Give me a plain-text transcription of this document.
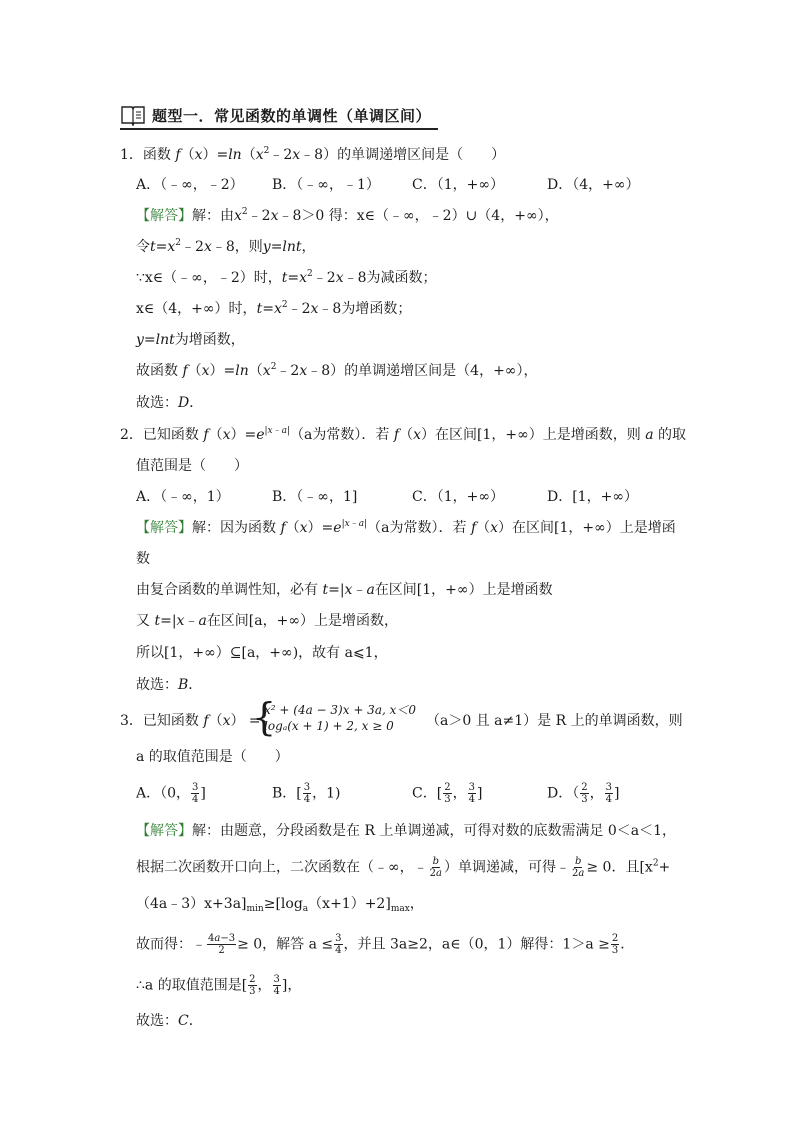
题型一．常见函数的单调性（单调区间）
1．函数 $f(x)=\ln(x^2﹣2x﹣8)$的单调递增区间是（　　）
A．（﹣∞，﹣2） B．（﹣∞，﹣1） C．（1，+∞）	D．（4，+∞）
【解答】解：由$x^2﹣2x﹣8>0$ 得：x∈（﹣∞，﹣2）∪（4，+∞），
令$t=x^2﹣2x﹣8$，则y=lnt，
∵x∈（﹣∞，﹣2）时，$t=x^2﹣2x﹣8$为减函数；
x∈（4，+∞）时，$t=x^2﹣2x﹣8$为增函数；
y=lnt为增函数，
故函数 $f(x)=\ln(x^2﹣2x﹣8)$的单调递增区间是（4，+∞），
故选：D．
2．已知函数 $f(x)=e^{|x﹣a|}(a$为常数）．若 f（x）在区间[1，+∞）上是增函数，则 a 的取
值范围是（　　）
A．（﹣∞，1）	B．（﹣∞，1]	C．（1，+∞）	D．[1，+∞）
【解答】解：因为函数 $f(x)=e^{|x﹣a|}(a$为常数）．若 f（x）在区间[1，+∞）上是增函
数
由复合函数的单调性知，必有 t=|x﹣a在区间[1，+∞）上是增函数
又 t=|x﹣a在区间[a，+∞）上是增函数，
所以[1，+∞）⊆[a，+∞)，故有 a⩽1，
故选：B．
3．已知函数 f（x） =
{
x² + (4a − 3)x + 3a, x＜0
logₐ(x + 1) + 2, x ≥ 0 （a＞0 且 a≠1）是 R 上的单调函数，则
a 的取值范围是（　　）
A．（0， $\frac{3}{4}$ ]	B．[ $\frac{3}{4}$ ，1)	C．[ $\frac{2}{3}$ ， $\frac{3}{4}$ ]	D．（ $\frac{2}{3}$ ， $\frac{3}{4}$ ]
【解答】解：由题意，分段函数是在 R 上单调递减，可得对数的底数需满足 0＜a＜1，
根据二次函数开口向上，二次函数在（﹣∞，﹣ $\frac{b}{2a}$ ）单调递减，可得﹣ $\frac{b}{2a} \ge 0$．且[$x^2+$
$(4a﹣3)x+3a]_{min}\ge[\log_a(x+1)+2]_{max}$，
故而得：﹣ $\frac{4a-3}{2} \ge 0$，解答 $a \le \frac{3}{4}$ ，并且 3a≥2，a∈（0，1）解得：$1>a \ge \frac{2}{3}$ ．
∴a 的取值范围是[ $\frac{2}{3}$ ， $\frac{3}{4}$ ]，
故选：C．
